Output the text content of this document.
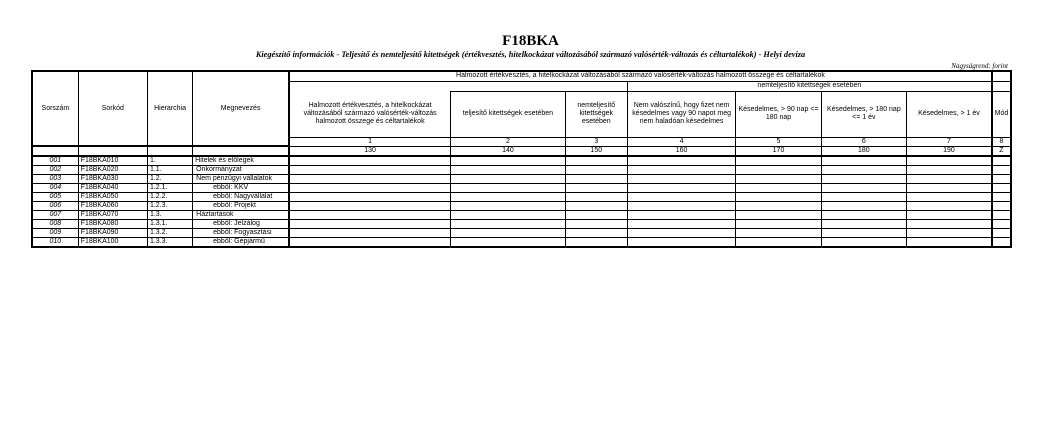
F18BKA
Kiegészítő információk - Teljesítő és nemteljesítő kitettségek (értékvesztés, hitelkockázat változásából származó valósérték-változás és céltartalékok) - Helyi deviza
Nagyságrend: forint
Sorszám	Sorkód	Hierarchia	Megnevezés	Halmozott értékvesztés, a hitelkockázat változásából származó valósérték-változás halmozott összege és céltartalékok							
							nemteljesítő kitettségek esetében				
				Halmozott értékvesztés, a hitelkockázat változásából származó valósérték-változás halmozott összege és céltartalékok	teljesítő kitettségek esetében	nemteljesítő kitettségek esetében	Nem valószínű, hogy fizet nem késedelmes vagy 90 napot meg nem haladóan késedelmes	Késedelmes, > 90 nap <= 180 nap	Késedelmes, > 180 nap <= 1 év	Késedelmes, > 1 év	Mód
				1	2	3	4	5	6	7	8
				130	140	150	160	170	180	190	Z
001	F18BKA010	1.	Hitelek és előlegek								
002	F18BKA020	1.1.	Önkormányzat								
003	F18BKA030	1.2.	Nem pénzügyi vállalatok								
004	F18BKA040	1.2.1.	ebből: KKV								
005	F18BKA050	1.2.2.	ebből: Nagyvállalat								
006	F18BKA060	1.2.3.	ebből: Projekt								
007	F18BKA070	1.3.	Háztartások								
008	F18BKA080	1.3.1.	ebből: Jelzálog								
009	F18BKA090	1.3.2.	ebből: Fogyasztási								
010	F18BKA100	1.3.3.	ebből: Gépjármű								
